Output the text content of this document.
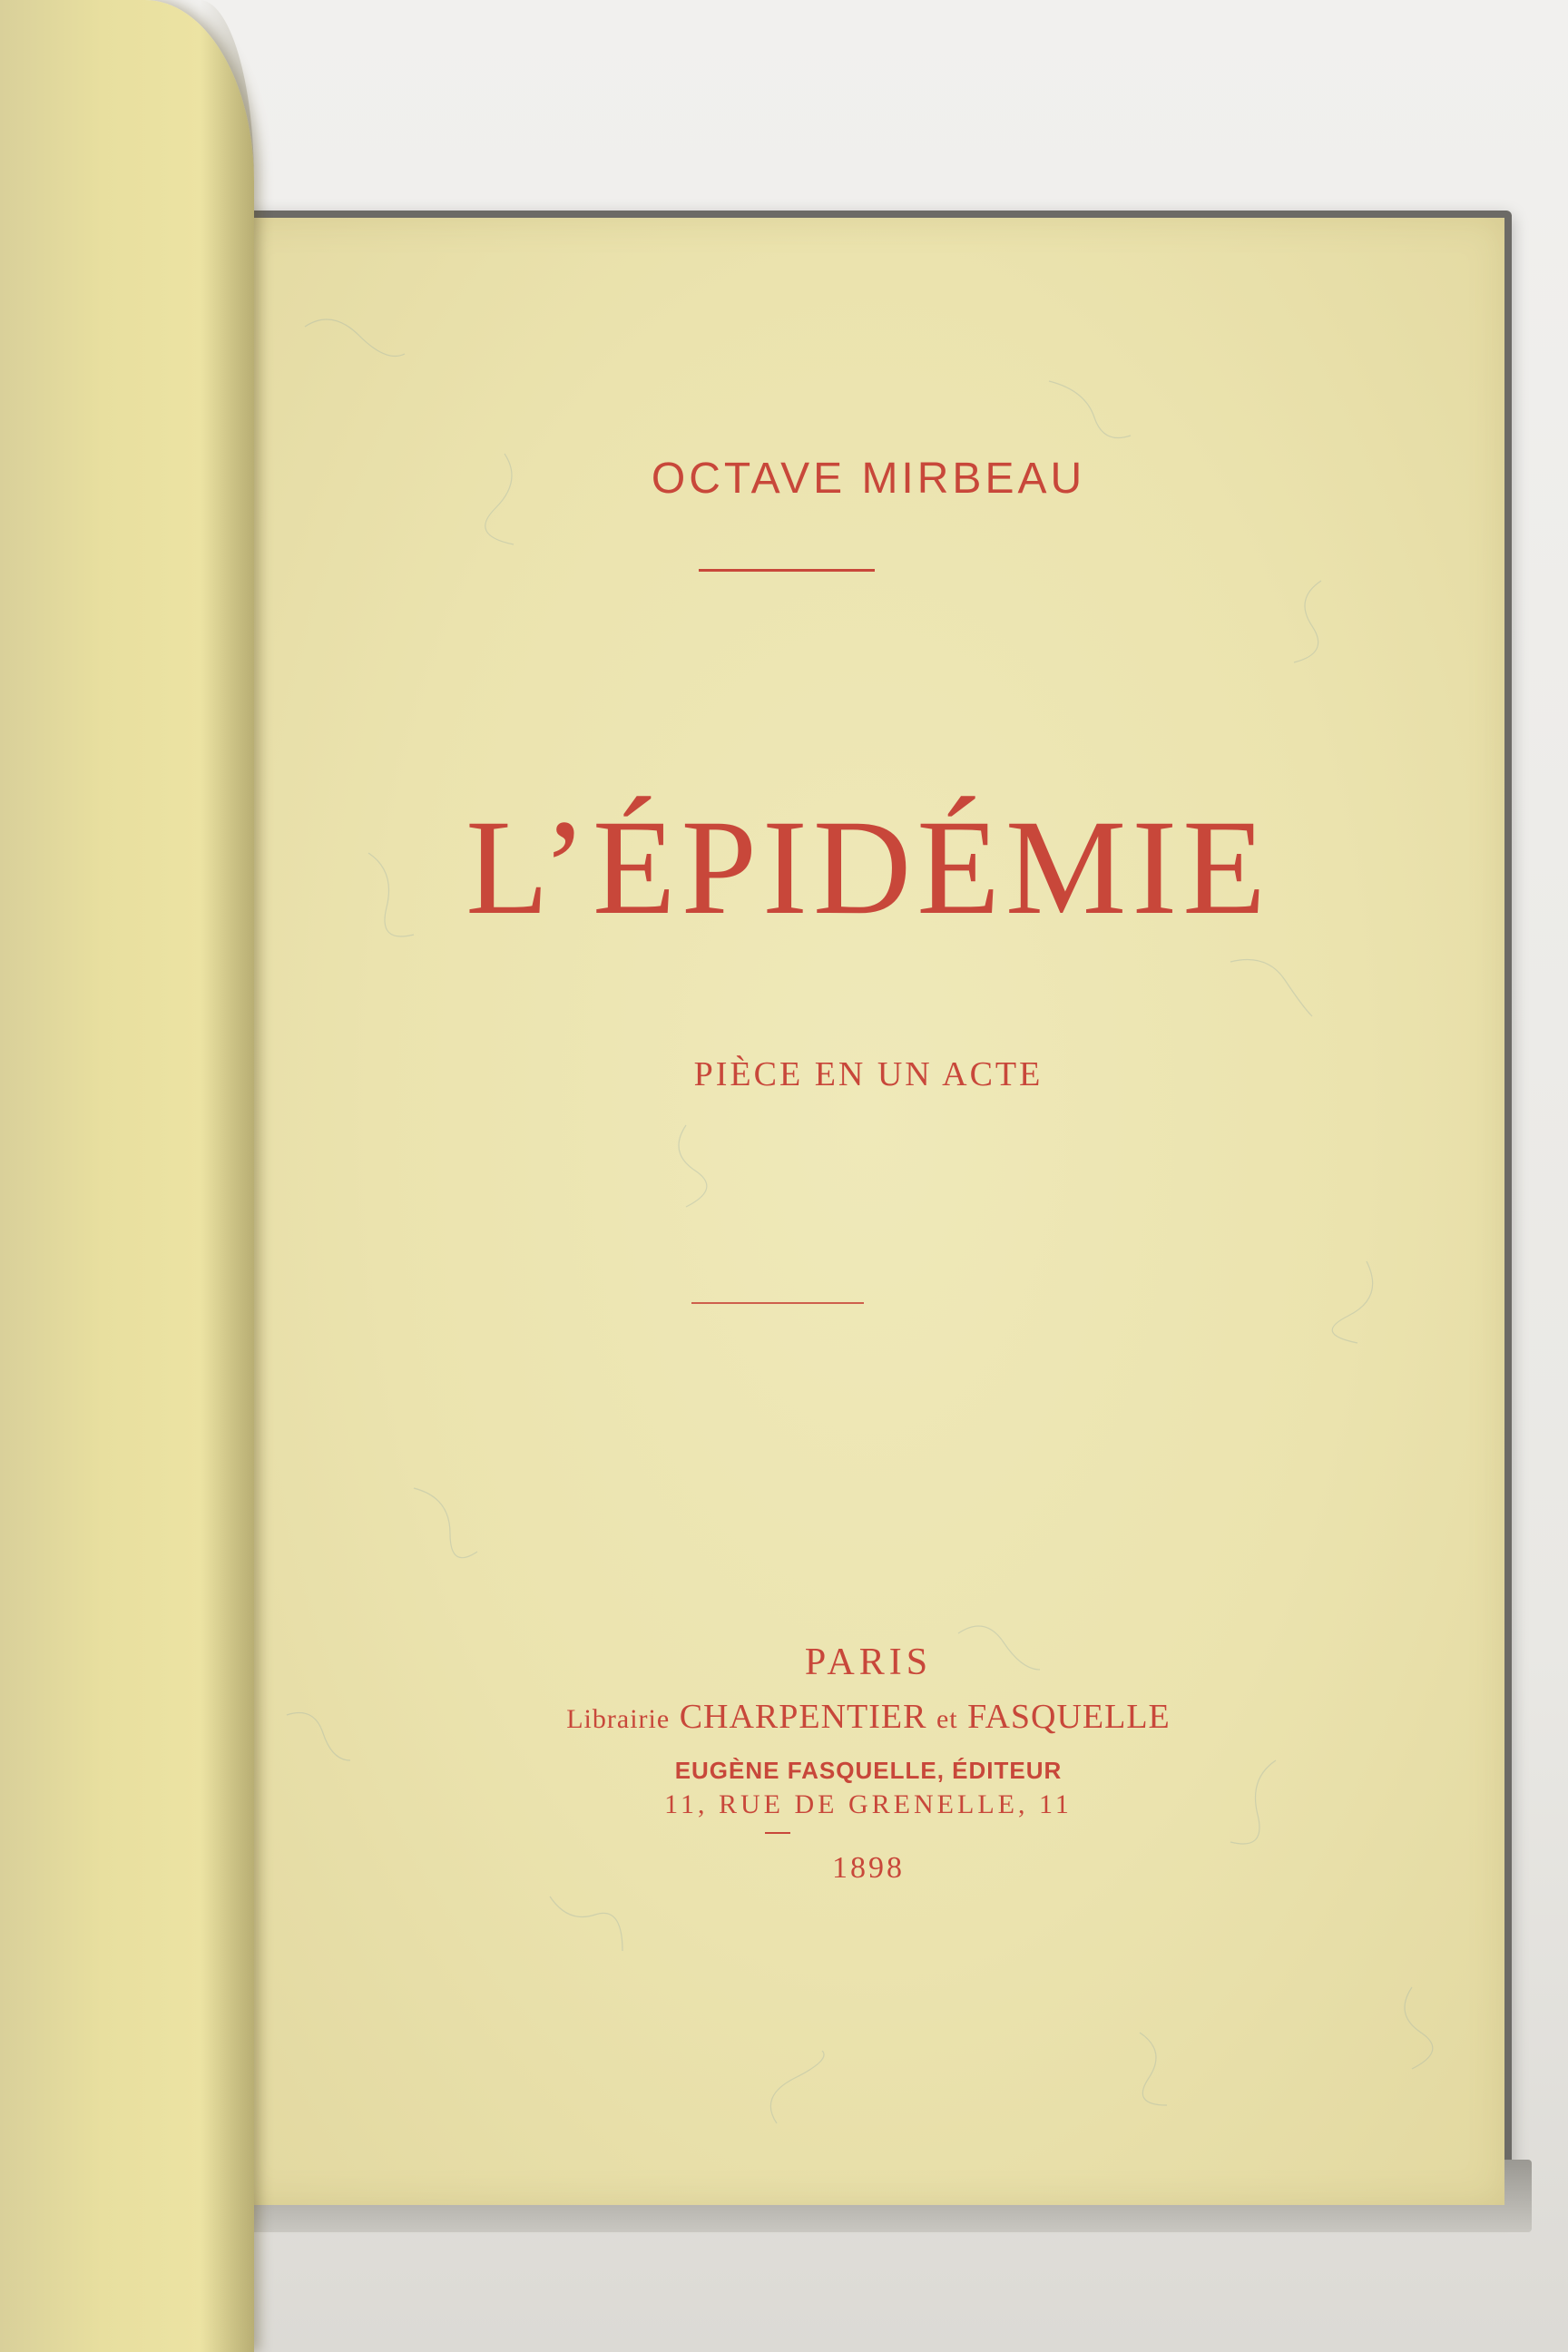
OCTAVE MIRBEAU
L’ÉPIDÉMIE
PIÈCE EN UN ACTE
PARIS
Librairie CHARPENTIER et FASQUELLE
EUGÈNE FASQUELLE, ÉDITEUR
11, RUE DE GRENELLE, 11
1898
